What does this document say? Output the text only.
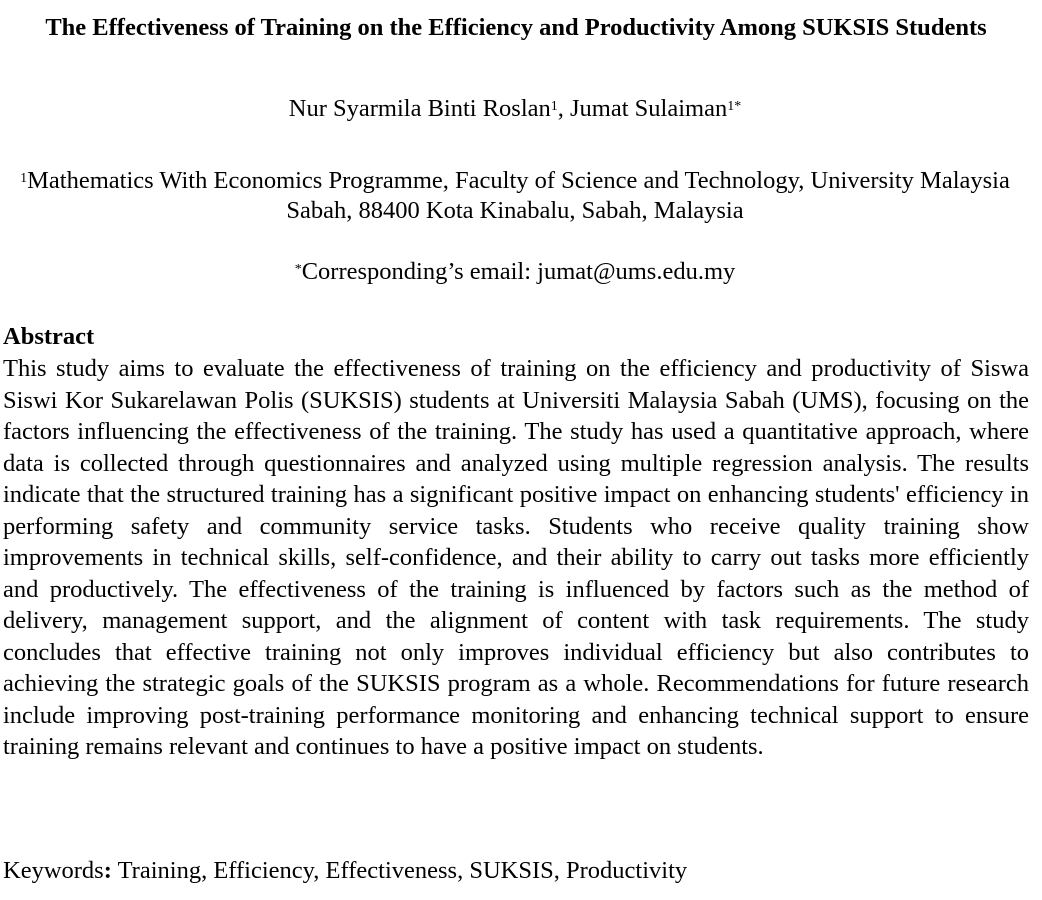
The Effectiveness of Training on the Efficiency and Productivity Among SUKSIS Students

Nur Syarmila Binti Roslan$^1$, Jumat Sulaiman$^{1*}$

$^1$Mathematics With Economics Programme, Faculty of Science and Technology, University Malaysia Sabah, 88400 Kota Kinabalu, Sabah, Malaysia

*Corresponding’s email: jumat@ums.edu.my

Abstract

This study aims to evaluate the effectiveness of training on the efficiency and productivity of Siswa Siswi Kor Sukarelawan Polis (SUKSIS) students at Universiti Malaysia Sabah (UMS), focusing on the factors influencing the effectiveness of the training. The study has used a quantitative approach, where data is collected through questionnaires and analyzed using multiple regression analysis. The results indicate that the structured training has a significant positive impact on enhancing students' efficiency in performing safety and community service tasks. Students who receive quality training show improvements in technical skills, self-confidence, and their ability to carry out tasks more efficiently and productively. The effectiveness of the training is influenced by factors such as the method of delivery, management support, and the alignment of content with task requirements. The study concludes that effective training not only improves individual efficiency but also contributes to achieving the strategic goals of the SUKSIS program as a whole. Recommendations for future research include improving post-training performance monitoring and enhancing technical support to ensure training remains relevant and continues to have a positive impact on students.

Keywords: Training, Efficiency, Effectiveness, SUKSIS, Productivity
